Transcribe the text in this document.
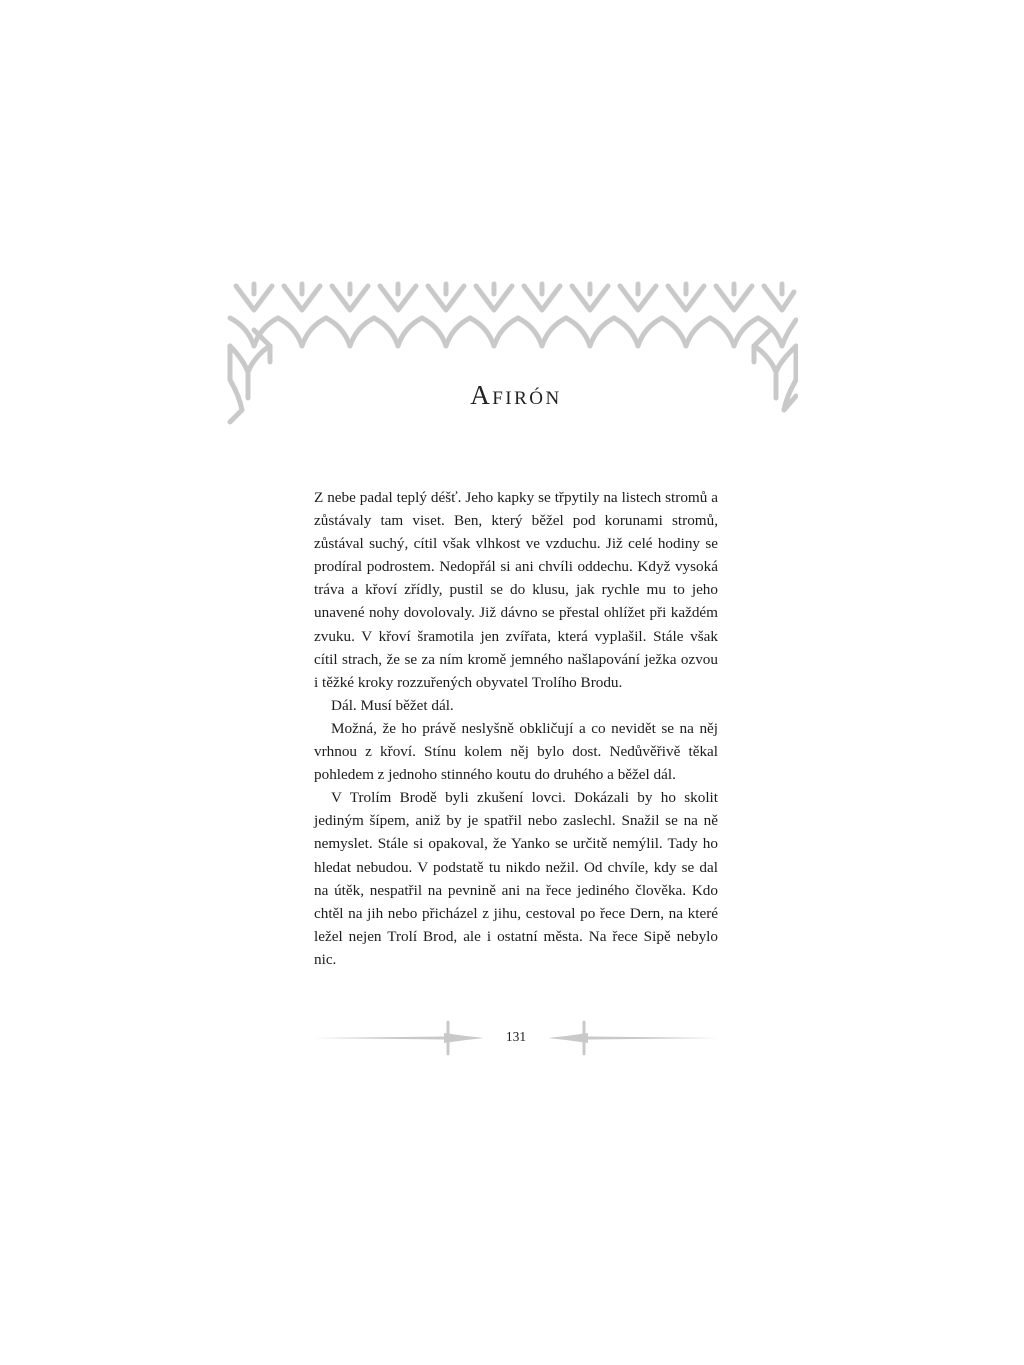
Afirón

Z nebe padal teplý déšť. Jeho kapky se třpytily na listech stromů a zůstávaly tam viset. Ben, který běžel pod korunami stromů, zůstával suchý, cítil však vlhkost ve vzduchu. Již celé hodiny se prodíral podrostem. Nedopřál si ani chvíli oddechu. Když vysoká tráva a křoví zřídly, pustil se do klusu, jak rychle mu to jeho unavené nohy dovolovaly. Již dávno se přestal ohlížet při každém zvuku. V křoví šramotila jen zvířata, která vyplašil. Stále však cítil strach, že se za ním kromě jemného našlapování ježka ozvou i těžké kroky rozzuřených obyvatel Trolího Brodu.

Dál. Musí běžet dál.

Možná, že ho právě neslyšně obkličují a co nevidět se na něj vrhnou z křoví. Stínu kolem něj bylo dost. Nedůvěřivě těkal pohledem z jednoho stinného koutu do druhého a běžel dál.

V Trolím Brodě byli zkušení lovci. Dokázali by ho skolit jediným šípem, aniž by je spatřil nebo zaslechl. Snažil se na ně nemyslet. Stále si opakoval, že Yanko se určitě nemýlil. Tady ho hledat nebudou. V podstatě tu nikdo nežil. Od chvíle, kdy se dal na útěk, nespatřil na pevnině ani na řece jediného člověka. Kdo chtěl na jih nebo přicházel z jihu, cestoval po řece Dern, na které ležel nejen Trolí Brod, ale i ostatní města. Na řece Sipě nebylo nic.

131
